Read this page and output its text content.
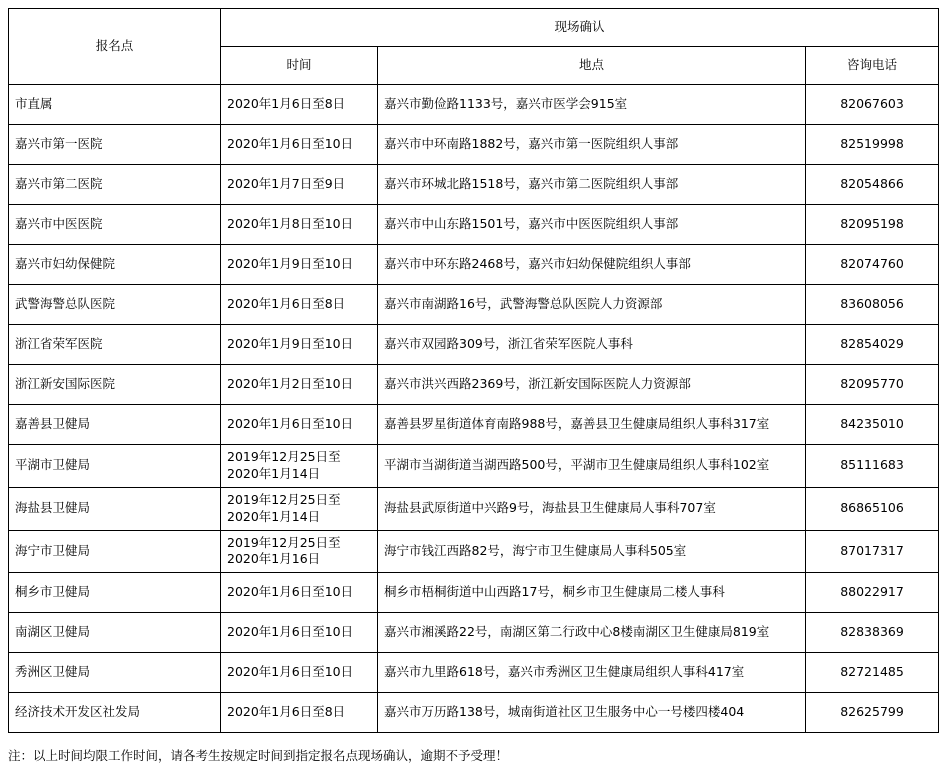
报名点	现场确认		
	时间	地点	咨询电话
市直属	2020年1月6日至8日	嘉兴市勤俭路1133号，嘉兴市医学会915室	82067603
嘉兴市第一医院	2020年1月6日至10日	嘉兴市中环南路1882号，嘉兴市第一医院组织人事部	82519998
嘉兴市第二医院	2020年1月7日至9日	嘉兴市环城北路1518号，嘉兴市第二医院组织人事部	82054866
嘉兴市中医医院	2020年1月8日至10日	嘉兴市中山东路1501号，嘉兴市中医医院组织人事部	82095198
嘉兴市妇幼保健院	2020年1月9日至10日	嘉兴市中环东路2468号，嘉兴市妇幼保健院组织人事部	82074760
武警海警总队医院	2020年1月6日至8日	嘉兴市南湖路16号，武警海警总队医院人力资源部	83608056
浙江省荣军医院	2020年1月9日至10日	嘉兴市双园路309号，浙江省荣军医院人事科	82854029
浙江新安国际医院	2020年1月2日至10日	嘉兴市洪兴西路2369号，浙江新安国际医院人力资源部	82095770
嘉善县卫健局	2020年1月6日至10日	嘉善县罗星街道体育南路988号，嘉善县卫生健康局组织人事科317室	84235010
平湖市卫健局	2019年12月25日至2020年1月14日	平湖市当湖街道当湖西路500号，平湖市卫生健康局组织人事科102室	85111683
海盐县卫健局	2019年12月25日至2020年1月14日	海盐县武原街道中兴路9号，海盐县卫生健康局人事科707室	86865106
海宁市卫健局	2019年12月25日至2020年1月16日	海宁市钱江西路82号，海宁市卫生健康局人事科505室	87017317
桐乡市卫健局	2020年1月6日至10日	桐乡市梧桐街道中山西路17号，桐乡市卫生健康局二楼人事科	88022917
南湖区卫健局	2020年1月6日至10日	嘉兴市湘溪路22号，南湖区第二行政中心8楼南湖区卫生健康局819室	82838369
秀洲区卫健局	2020年1月6日至10日	嘉兴市九里路618号，嘉兴市秀洲区卫生健康局组织人事科417室	82721485
经济技术开发区社发局	2020年1月6日至8日	嘉兴市万历路138号，城南街道社区卫生服务中心一号楼四楼404	82625799
注：以上时间均限工作时间，请各考生按规定时间到指定报名点现场确认，逾期不予受理！
